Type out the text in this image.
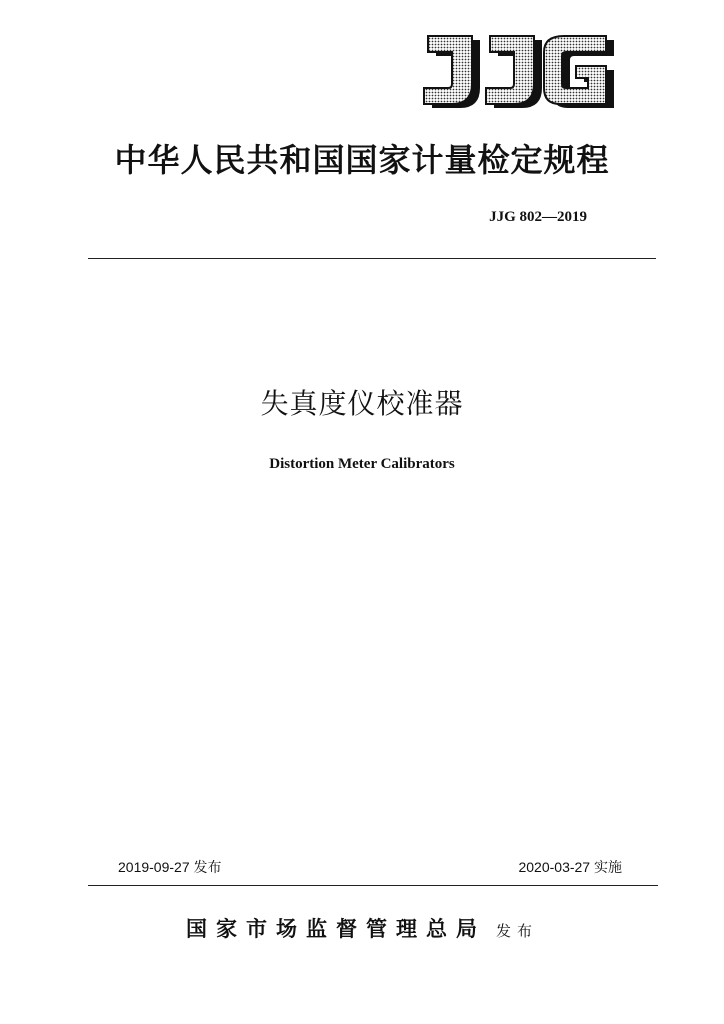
中华人民共和国国家计量检定规程
JJG 802—2019
失真度仪校准器
Distortion Meter Calibrators
2019-09-27 发布	2020-03-27 实施
国家市场监督管理总局 发布
